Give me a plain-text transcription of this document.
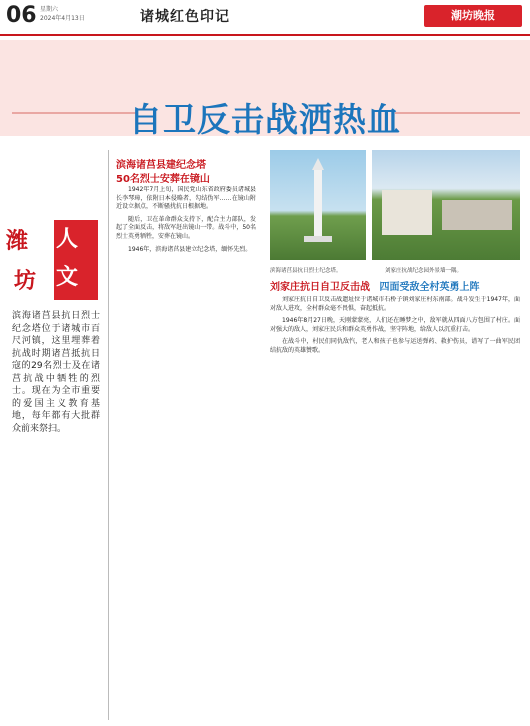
06 星期六
2024年4月13日	诸城红色印记	潮坊晚报
自卫反击战洒热血
滨海诸莒县建纪念塔
50名烈士安葬在镜山

1942年7月上旬，国民党山东省政府委员诸城县长李琴璋，依附日本侵略者，勾结伪军……在镜山附近设立据点，不断骚扰抗日根据地。

随后，卫在革命群众支持下，配合主力部队，发起了全面反击，将敌军赶出镜山一带。战斗中，50名烈士英勇牺牲，安葬在镜山。

1946年，滨海诸莒县建立纪念塔，缅怀先烈。

潍 人
文
坊
滨海诸莒县抗日烈士纪念塔位于诸城市百尺河镇，这里埋葬着抗战时期诸莒抵抗日寇的29名烈士及在诸莒抗战中牺牲的烈士。现在为全市重要的爱国主义教育基地，每年都有大批群众前来祭扫。
滨海诸莒县抗日烈士纪念塔。	刘家庄抗战纪念园外景墙一隅。
刘家庄抗日自卫反击战 四面受敌全村英勇上阵

刘家庄抗日自卫反击战遗址位于诸城市石桥子镇刘家庄村东南部。战斗发生于1947年，面对敌人进攻，全村群众毫不畏惧，奋起抵抗。

1946年8月27日晚，天刚蒙蒙亮，人们还在睡梦之中，敌军就从四面八方包围了村庄。面对强大的敌人，刘家庄民兵和群众英勇作战，坚守阵地，给敌人以沉重打击。

在战斗中，村民们同仇敌忾，老人和孩子也参与运送弹药、救护伤员，谱写了一曲军民团结抗敌的英雄赞歌。
